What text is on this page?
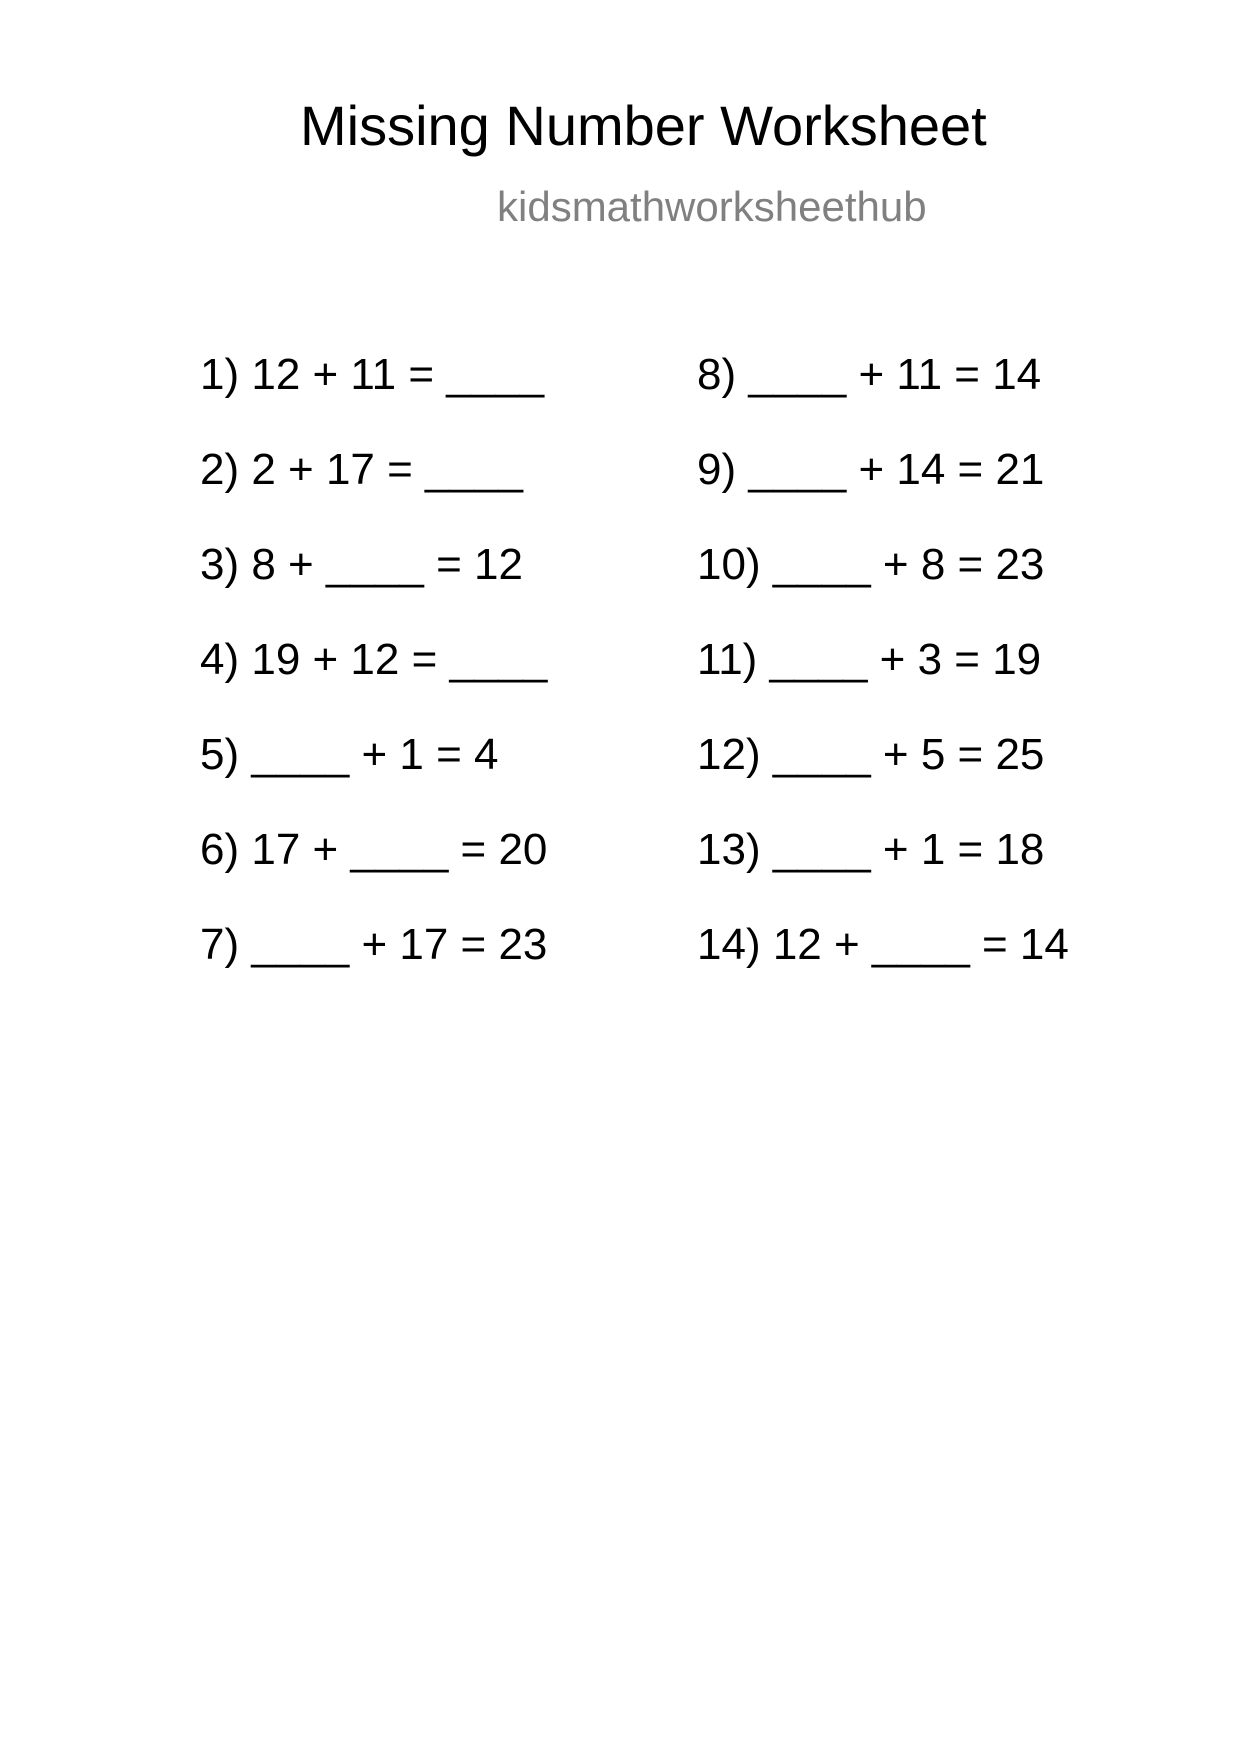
Missing Number Worksheet
kidsmathworksheethub
1) 12 + 11 = ____
2) 2 + 17 = ____
3) 8 + ____ = 12
4) 19 + 12 = ____
5) ____ + 1 = 4
6) 17 + ____ = 20
7) ____ + 17 = 23
8) ____ + 11 = 14
9) ____ + 14 = 21
10) ____ + 8 = 23
11) ____ + 3 = 19
12) ____ + 5 = 25
13) ____ + 1 = 18
14) 12 + ____ = 14
